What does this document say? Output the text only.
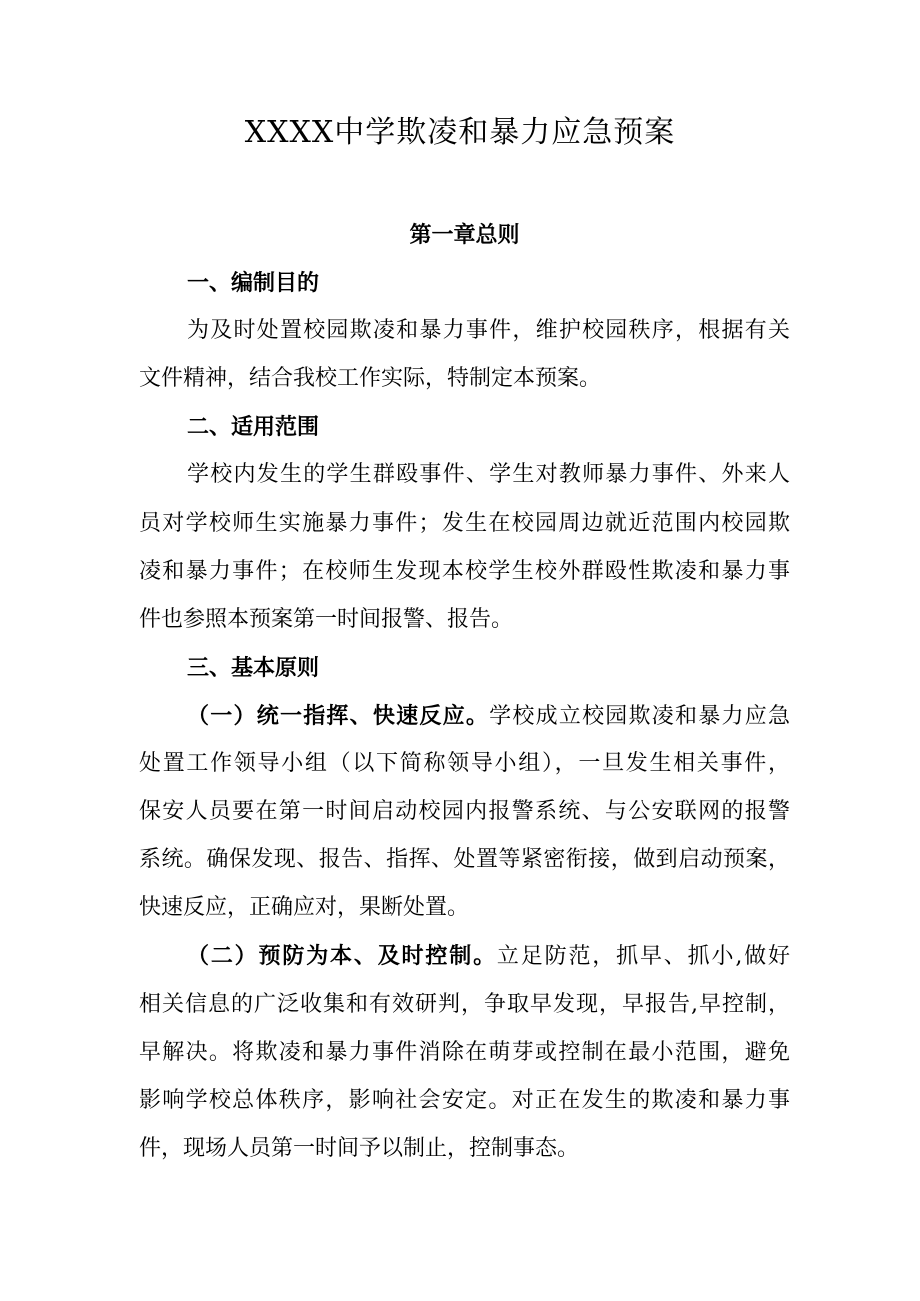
XXXX中学欺凌和暴力应急预案
第一章总则
一、编制目的
为及时处置校园欺凌和暴力事件，维护校园秩序，根据有关
文件精神，结合我校工作实际，特制定本预案。
二、适用范围
学校内发生的学生群殴事件、学生对教师暴力事件、外来人
员对学校师生实施暴力事件；发生在校园周边就近范围内校园欺
凌和暴力事件；在校师生发现本校学生校外群殴性欺凌和暴力事
件也参照本预案第一时间报警、报告。
三、基本原则
（一）统一指挥、快速反应。学校成立校园欺凌和暴力应急
处置工作领导小组（以下简称领导小组），一旦发生相关事件，
保安人员要在第一时间启动校园内报警系统、与公安联网的报警
系统。确保发现、报告、指挥、处置等紧密衔接，做到启动预案，
快速反应，正确应对，果断处置。
（二）预防为本、及时控制。立足防范，抓早、抓小,做好
相关信息的广泛收集和有效研判，争取早发现，早报告,早控制，
早解决。将欺凌和暴力事件消除在萌芽或控制在最小范围，避免
影响学校总体秩序，影响社会安定。对正在发生的欺凌和暴力事
件，现场人员第一时间予以制止，控制事态。
